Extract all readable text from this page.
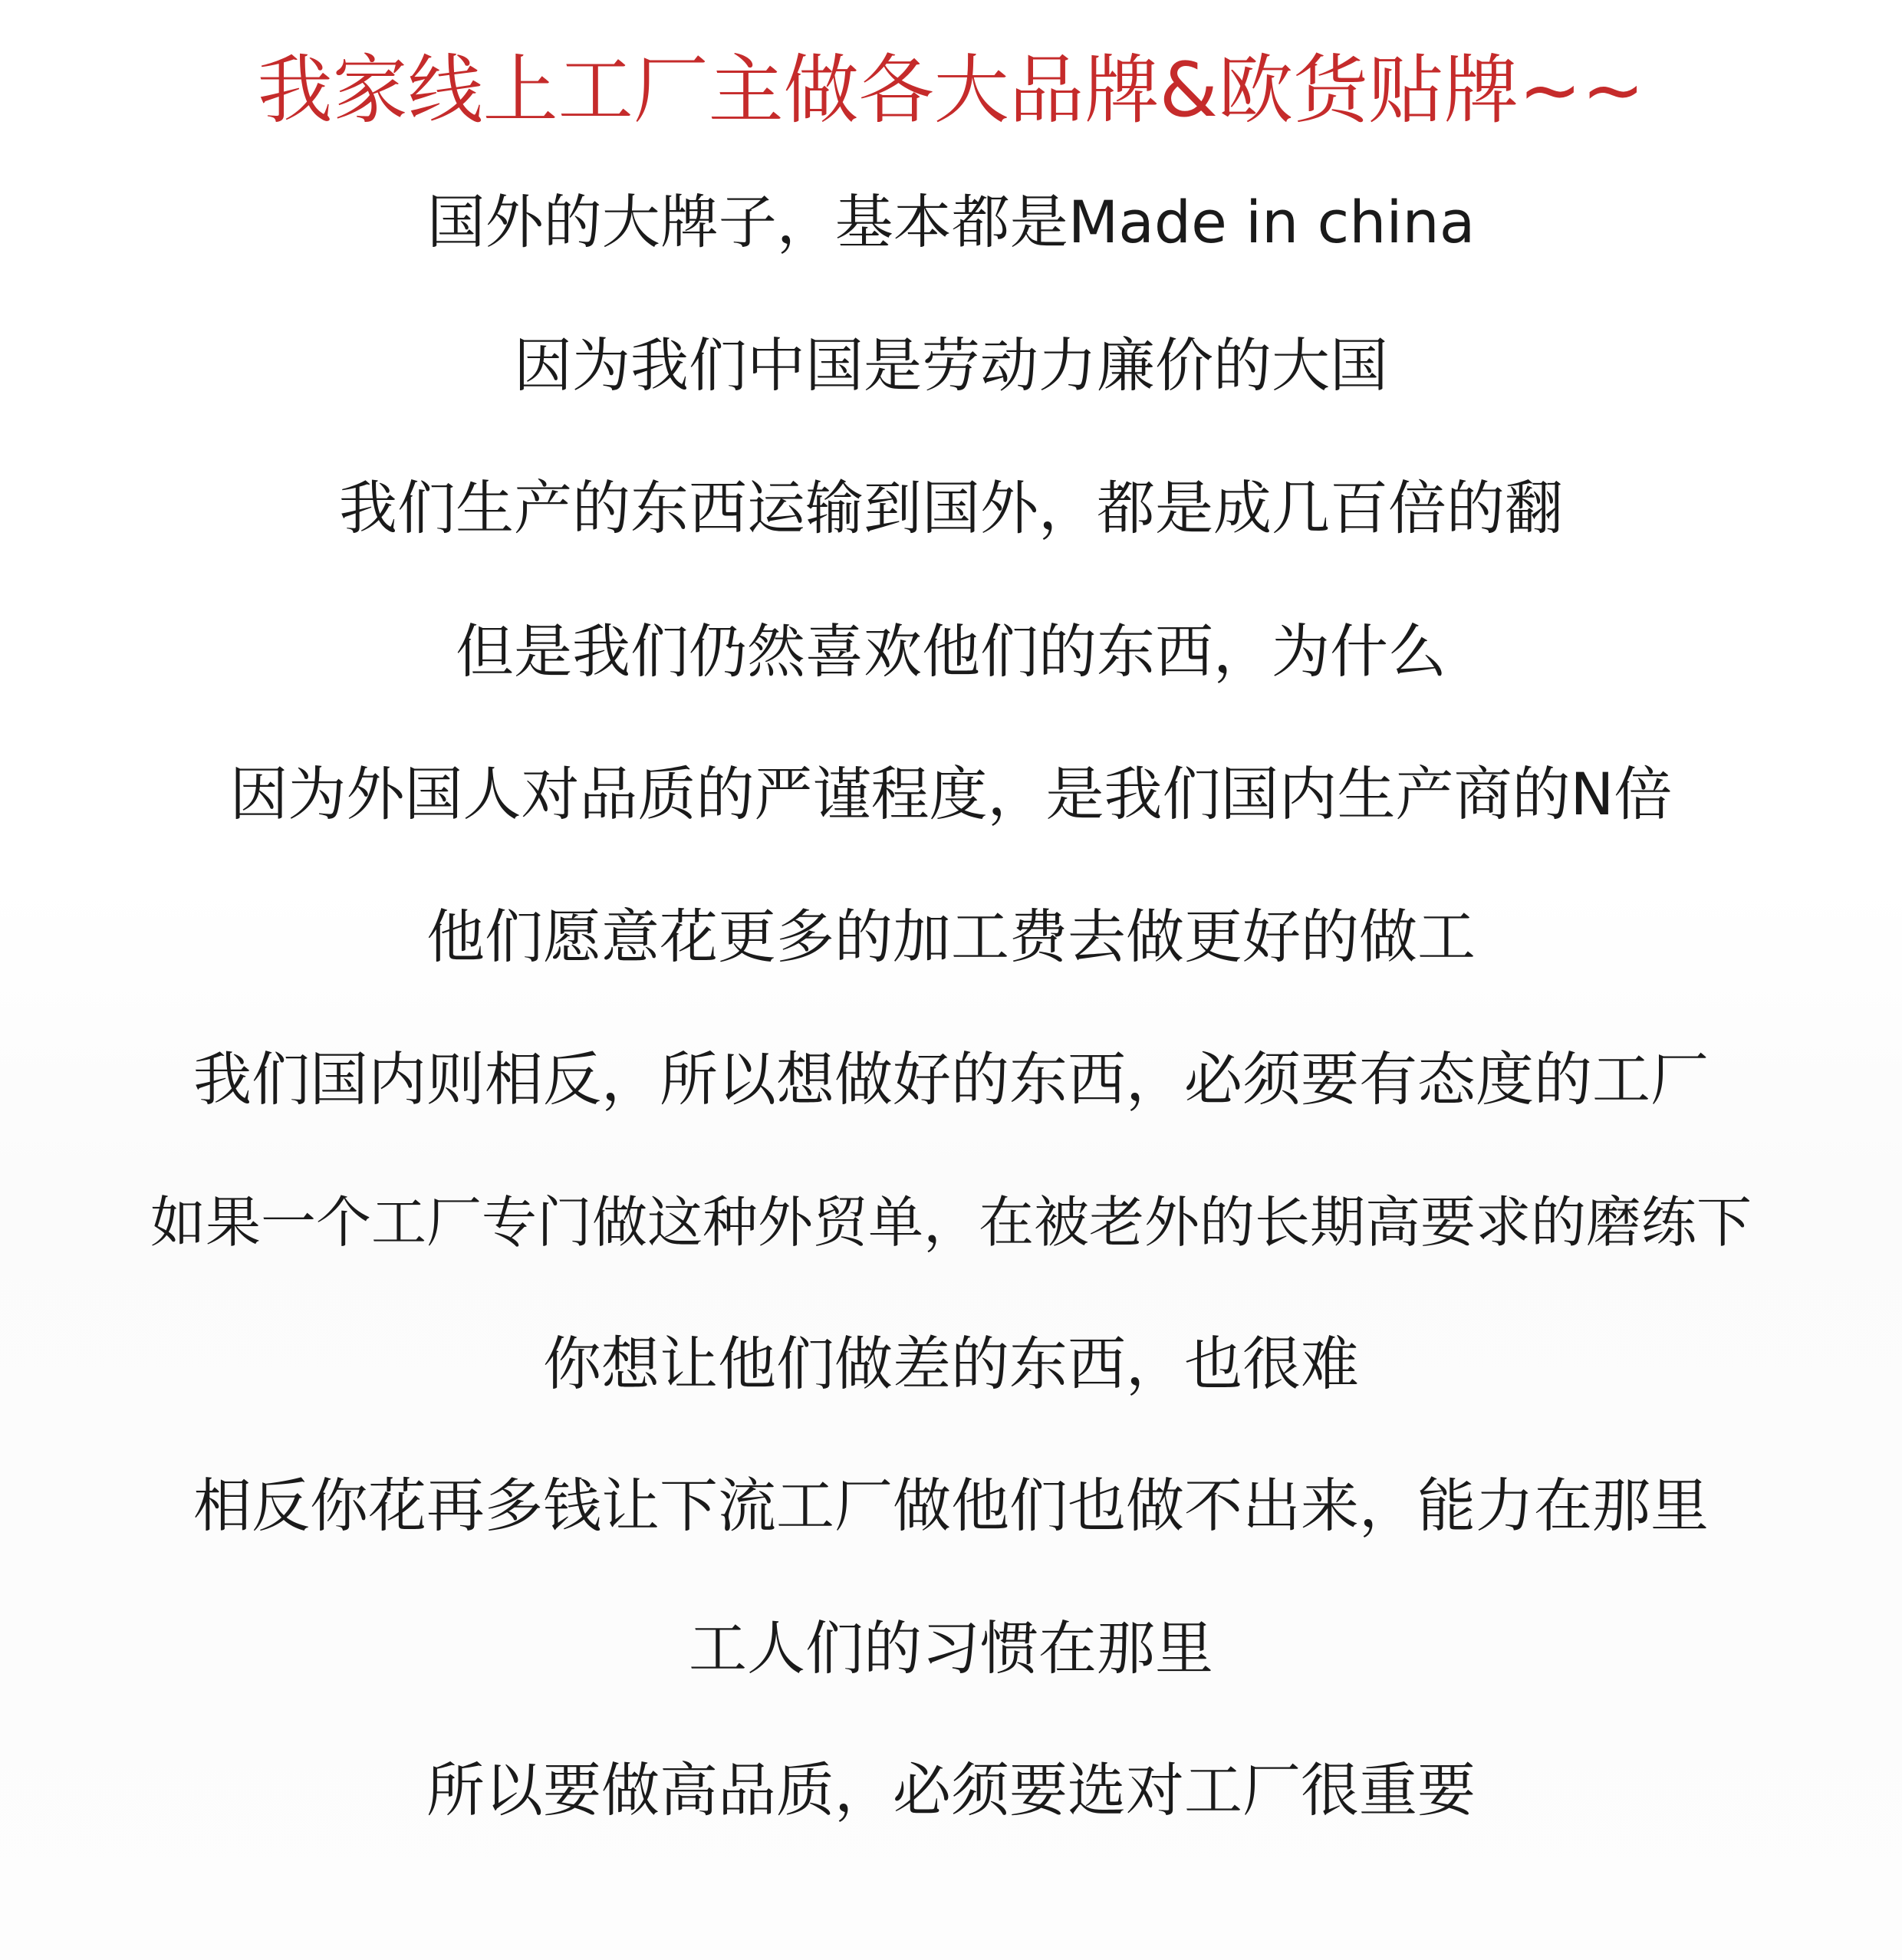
我家线上工厂主做各大品牌&欧货贴牌~~
国外的大牌子，基本都是Made in china
因为我们中国是劳动力廉价的大国
我们生产的东西运输到国外，都是成几百倍的翻
但是我们仍然喜欢他们的东西，为什么
因为外国人对品质的严谨程度，是我们国内生产商的N倍
他们愿意花更多的加工费去做更好的做工
我们国内则相反，所以想做好的东西，必须要有态度的工厂
如果一个工厂专门做这种外贸单，在被老外的长期高要求的磨练下
你想让他们做差的东西，也很难
相反你花再多钱让下流工厂做他们也做不出来，能力在那里
工人们的习惯在那里
所以要做高品质，必须要选对工厂很重要
